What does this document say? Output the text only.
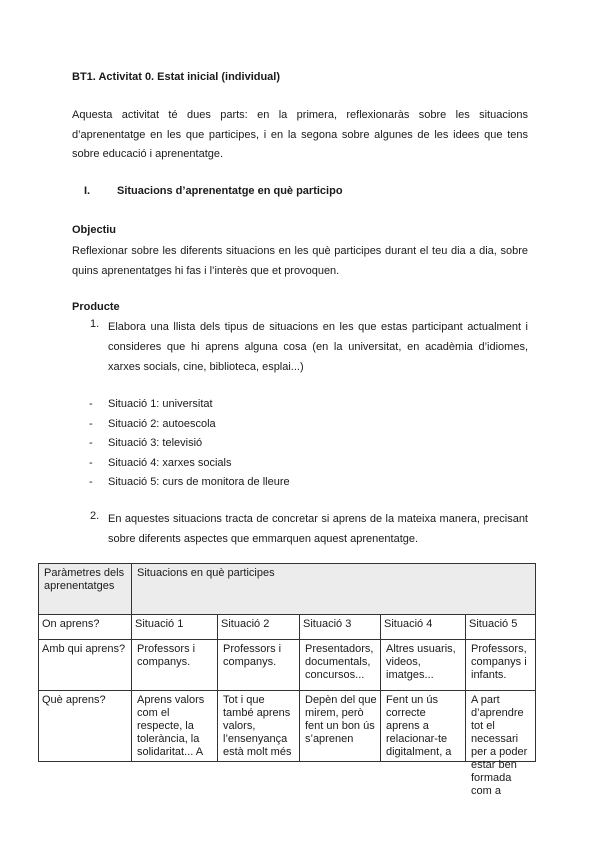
BT1. Activitat 0. Estat inicial (individual)
Aquesta activitat té dues parts: en la primera, reflexionaràs sobre les situacions d’aprenentatge en les que participes, i en la segona sobre algunes de les idees que tens sobre educació i aprenentatge.
I. Situacions d’aprenentatge en què participo
Objectiu
Reflexionar sobre les diferents situacions en les què participes durant el teu dia a dia, sobre quins aprenentatges hi fas i l’interès que et provoquen.
Producte
1. Elabora una llista dels tipus de situacions en les que estas participant actualment i consideres que hi aprens alguna cosa (en la universitat, en acadèmia d’idiomes, xarxes socials, cine, biblioteca, esplai...)
- Situació 1: universitat
- Situació 2: autoescola
- Situació 3: televisió
- Situació 4: xarxes socials
- Situació 5: curs de monitora de lleure
2. En aquestes situacions tracta de concretar si aprens de la mateixa manera, precisant sobre diferents aspectes que emmarquen aquest aprenentatge.
Paràmetres dels aprenentatges	Situacions en què participes				

On aprens?	Situació 1	Situació 2	Situació 3	Situació 4	Situació 5
Amb qui aprens?	Professors i companys.	Professors i companys.	Presentadors, documentals, concursos...	Altres usuaris, videos, imatges...	Professors, companys i infants.

Què aprens?	Aprens valors com el respecte, la tolerància, la solidaritat... A	Tot i que també aprens valors, l’ensenyança està molt més	Depèn del que mirem, però fent un bon ús s’aprenen	Fent un ús correcte aprens a relacionar-te digitalment, a	A part d’aprendre tot el necessari per a poder estar ben formada com a
